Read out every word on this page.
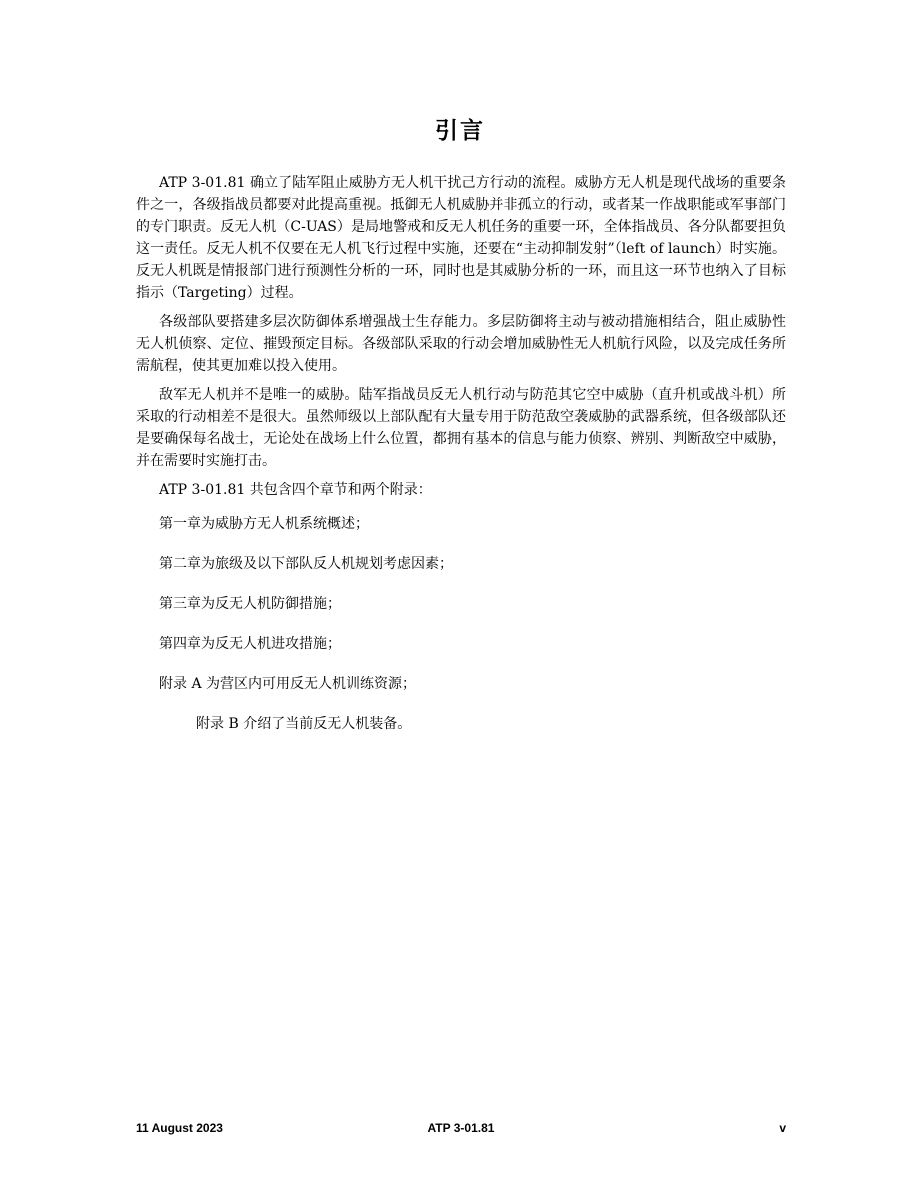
引言

ATP 3-01.81 确立了陆军阻止威胁方无人机干扰己方行动的流程。威胁方无人机是现代战场的重要条件之一，各级指战员都要对此提高重视。抵御无人机威胁并非孤立的行动，或者某一作战职能或军事部门的专门职责。反无人机（C-UAS）是局地警戒和反无人机任务的重要一环，全体指战员、各分队都要担负这一责任。反无人机不仅要在无人机飞行过程中实施，还要在“主动抑制发射”（left of launch）时实施。反无人机既是情报部门进行预测性分析的一环，同时也是其威胁分析的一环，而且这一环节也纳入了目标指示（Targeting）过程。

各级部队要搭建多层次防御体系增强战士生存能力。多层防御将主动与被动措施相结合，阻止威胁性无人机侦察、定位、摧毁预定目标。各级部队采取的行动会增加威胁性无人机航行风险，以及完成任务所需航程，使其更加难以投入使用。

敌军无人机并不是唯一的威胁。陆军指战员反无人机行动与防范其它空中威胁（直升机或战斗机）所采取的行动相差不是很大。虽然师级以上部队配有大量专用于防范敌空袭威胁的武器系统，但各级部队还是要确保每名战士，无论处在战场上什么位置，都拥有基本的信息与能力侦察、辨别、判断敌空中威胁，并在需要时实施打击。

ATP 3-01.81 共包含四个章节和两个附录：

第一章为威胁方无人机系统概述；

第二章为旅级及以下部队反人机规划考虑因素；

第三章为反无人机防御措施；

第四章为反无人机进攻措施；

附录 A 为营区内可用反无人机训练资源；

附录 B 介绍了当前反无人机装备。

11 August 2023	ATP 3-01.81	v
